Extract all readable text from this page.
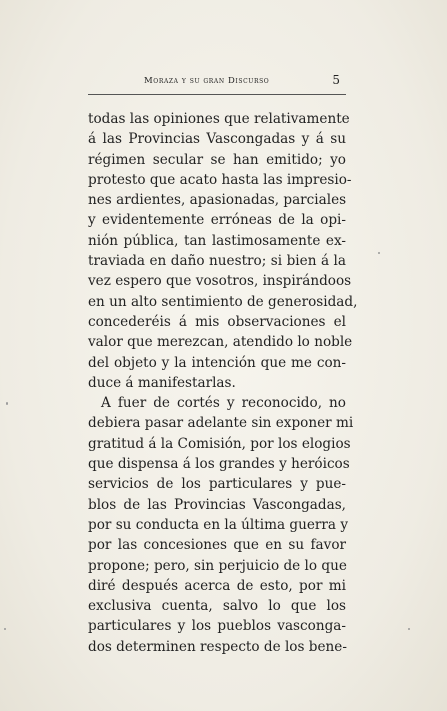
Moraza y su gran Discurso	5
todas las opiniones que relativamente
á las Provincias Vascongadas y á su
régimen secular se han emitido; yo
protesto que acato hasta las impresio-
nes ardientes, apasionadas, parciales
y evidentemente erróneas de la opi-
nión pública, tan lastimosamente ex-
traviada en daño nuestro; si bien á la
vez espero que vosotros, inspirándoos
en un alto sentimiento de generosidad,
concederéis á mis observaciones el
valor que merezcan, atendido lo noble
del objeto y la intención que me con-
duce á manifestarlas.
A fuer de cortés y reconocido, no
debiera pasar adelante sin exponer mi
gratitud á la Comisión, por los elogios
que dispensa á los grandes y heróicos
servicios de los particulares y pue-
blos de las Provincias Vascongadas,
por su conducta en la última guerra y
por las concesiones que en su favor
propone; pero, sin perjuicio de lo que
diré después acerca de esto, por mi
exclusiva cuenta, salvo lo que los
particulares y los pueblos vasconga-
dos determinen respecto de los bene-
